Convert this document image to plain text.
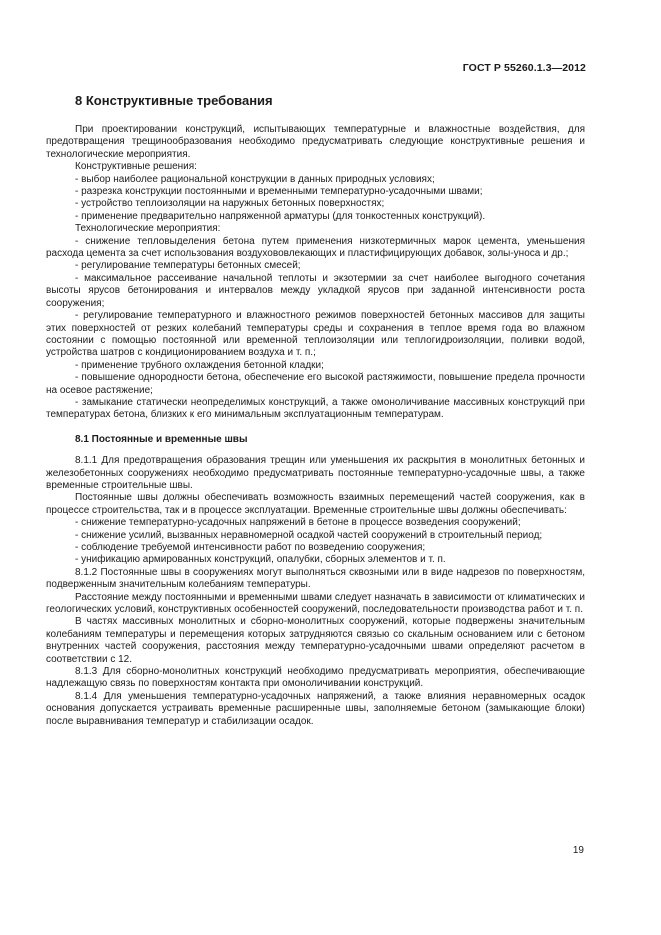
ГОСТ Р 55260.1.3—2012
8 Конструктивные требования

При проектировании конструкций, испытывающих температурные и влажностные воздействия, для предотвращения трещинообразования необходимо предусматривать следующие конструктивные решения и технологические мероприятия.

Конструктивные решения:

- выбор наиболее рациональной конструкции в данных природных условиях;

- разрезка конструкции постоянными и временными температурно-усадочными швами;

- устройство теплоизоляции на наружных бетонных поверхностях;

- применение предварительно напряженной арматуры (для тонкостенных конструкций).

Технологические мероприятия:

- снижение тепловыделения бетона путем применения низкотермичных марок цемента, уменьшения расхода цемента за счет использования воздухововлекающих и пластифицирующих добавок, золы-уноса и др.;

- регулирование температуры бетонных смесей;

- максимальное рассеивание начальной теплоты и экзотермии за счет наиболее выгодного сочетания высоты ярусов бетонирования и интервалов между укладкой ярусов при заданной интенсивности роста сооружения;

- регулирование температурного и влажностного режимов поверхностей бетонных массивов для защиты этих поверхностей от резких колебаний температуры среды и сохранения в теплое время года во влажном состоянии с помощью постоянной или временной теплоизоляции или теплогидроизоляции, поливки водой, устройства шатров с кондиционированием воздуха и т. п.;

- применение трубного охлаждения бетонной кладки;

- повышение однородности бетона, обеспечение его высокой растяжимости, повышение предела прочности на осевое растяжение;

- замыкание статически неопределимых конструкций, а также омоноличивание массивных конструкций при температурах бетона, близких к его минимальным эксплуатационным температурам.

8.1 Постоянные и временные швы

8.1.1 Для предотвращения образования трещин или уменьшения их раскрытия в монолитных бетонных и железобетонных сооружениях необходимо предусматривать постоянные температурно-усадочные швы, а также временные строительные швы.

Постоянные швы должны обеспечивать возможность взаимных перемещений частей сооружения, как в процессе строительства, так и в процессе эксплуатации. Временные строительные швы должны обеспечивать:

- снижение температурно-усадочных напряжений в бетоне в процессе возведения сооружений;

- снижение усилий, вызванных неравномерной осадкой частей сооружений в строительный период;

- соблюдение требуемой интенсивности работ по возведению сооружения;

- унификацию армированных конструкций, опалубки, сборных элементов и т. п.

8.1.2 Постоянные швы в сооружениях могут выполняться сквозными или в виде надрезов по поверхностям, подверженным значительным колебаниям температуры.

Расстояние между постоянными и временными швами следует назначать в зависимости от климатических и геологических условий, конструктивных особенностей сооружений, последовательности производства работ и т. п.

В частях массивных монолитных и сборно-монолитных сооружений, которые подвержены значительным колебаниям температуры и перемещения которых затрудняются связью со скальным основанием или с бетоном внутренних частей сооружения, расстояния между температурно-усадочными швами определяют расчетом в соответствии с 12.

8.1.3 Для сборно-монолитных конструкций необходимо предусматривать мероприятия, обеспечивающие надлежащую связь по поверхностям контакта при омоноличивании конструкций.

8.1.4 Для уменьшения температурно-усадочных напряжений, а также влияния неравномерных осадок основания допускается устраивать временные расширенные швы, заполняемые бетоном (замыкающие блоки) после выравнивания температур и стабилизации осадок.

19
